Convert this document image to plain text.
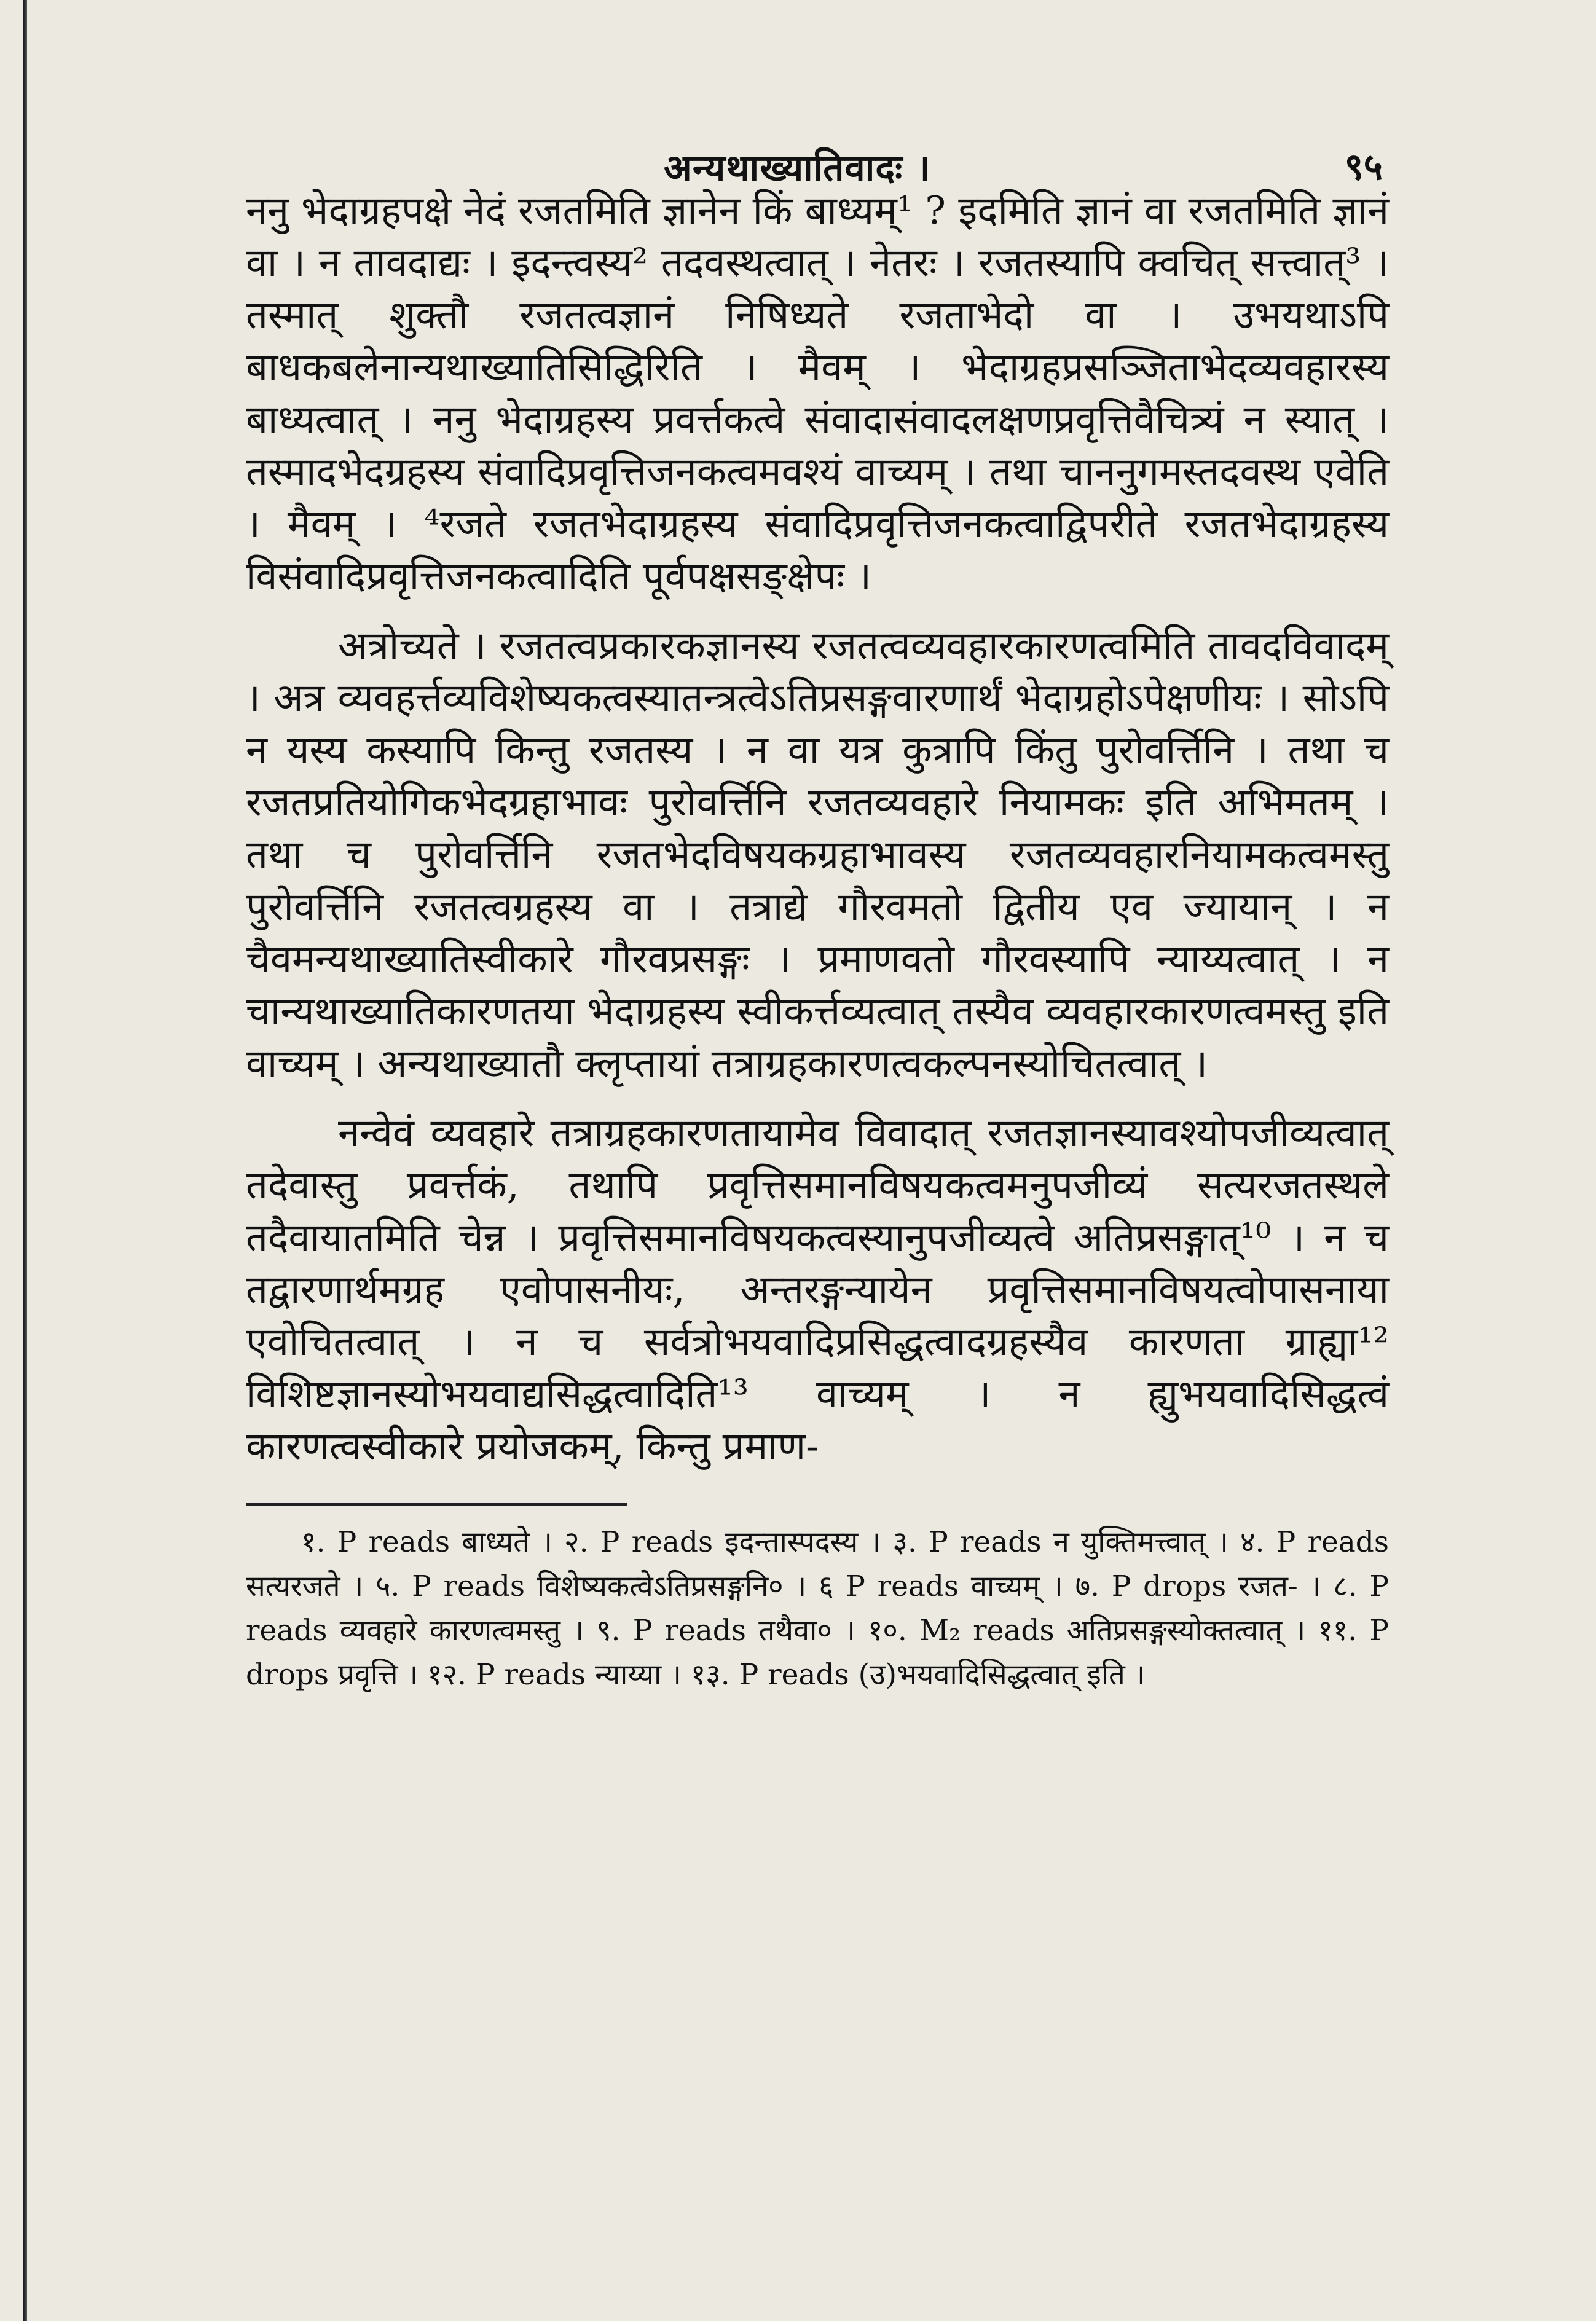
अन्यथाख्यातिवादः ।	९५

ननु भेदाग्रहपक्षे नेदं रजतमिति ज्ञानेन किं बाध्यम्¹ ? इदमिति ज्ञानं वा रजतमिति ज्ञानं वा । न तावदाद्यः । इदन्त्वस्य² तदवस्थत्वात् । नेतरः । रजतस्यापि क्वचित् सत्त्वात्³ । तस्मात् शुक्तौ रजतत्वज्ञानं निषिध्यते रजताभेदो वा । उभयथाऽपि बाधकबलेनान्यथाख्यातिसिद्धिरिति । मैवम् । भेदाग्रहप्रसञ्जिताभेदव्यवहारस्य बाध्यत्वात् । ननु भेदाग्रहस्य प्रवर्त्तकत्वे संवादासंवादलक्षणप्रवृत्तिवैचित्र्यं न स्यात् । तस्मादभेदग्रहस्य संवादिप्रवृत्तिजनकत्वमवश्यं वाच्यम् । तथा चाननुगमस्तदवस्थ एवेति । मैवम् । ⁴रजते रजतभेदाग्रहस्य संवादिप्रवृत्तिजनकत्वाद्विपरीते रजतभेदाग्रहस्य विसंवादिप्रवृत्तिजनकत्वादिति पूर्वपक्षसङ्क्षेपः ।

अत्रोच्यते । रजतत्वप्रकारकज्ञानस्य रजतत्वव्यवहारकारणत्वमिति तावदविवादम् । अत्र व्यवहर्त्तव्यविशेष्यकत्वस्यातन्त्रत्वेऽतिप्रसङ्गवारणार्थं भेदाग्रहोऽपेक्षणीयः । सोऽपि न यस्य कस्यापि किन्तु रजतस्य । न वा यत्र कुत्रापि किंतु पुरोवर्त्तिनि । तथा च रजतप्रतियोगिकभेदग्रहाभावः पुरोवर्त्तिनि रजतव्यवहारे नियामकः इति अभिमतम् । तथा च पुरोवर्त्तिनि रजतभेदविषयकग्रहाभावस्य रजतव्यवहारनियामकत्वमस्तु पुरोवर्त्तिनि रजतत्वग्रहस्य वा । तत्राद्ये गौरवमतो द्वितीय एव ज्यायान् । न चैवमन्यथाख्यातिस्वीकारे गौरवप्रसङ्गः । प्रमाणवतो गौरवस्यापि न्याय्यत्वात् । न चान्यथाख्यातिकारणतया भेदाग्रहस्य स्वीकर्त्तव्यत्वात् तस्यैव व्यवहारकारणत्वमस्तु इति वाच्यम् । अन्यथाख्यातौ क्लृप्तायां तत्राग्रहकारणत्वकल्पनस्योचितत्वात् ।

नन्वेवं व्यवहारे तत्राग्रहकारणतायामेव विवादात् रजतज्ञानस्यावश्योपजीव्यत्वात् तदेवास्तु प्रवर्त्तकं, तथापि प्रवृत्तिसमानविषयकत्वमनुपजीव्यं सत्यरजतस्थले तदैवायातमिति चेन्न । प्रवृत्तिसमानविषयकत्वस्यानुपजीव्यत्वे अतिप्रसङ्गात्¹⁰ । न च तद्वारणार्थमग्रह एवोपासनीयः, अन्तरङ्गन्यायेन प्रवृत्तिसमानविषयत्वोपासनाया एवोचितत्वात् । न च सर्वत्रोभयवादिप्रसिद्धत्वादग्रहस्यैव कारणता ग्राह्या¹² विशिष्टज्ञानस्योभयवाद्यसिद्धत्वादिति¹³ वाच्यम् । न ह्युभयवादिसिद्धत्वं कारणत्वस्वीकारे प्रयोजकम्, किन्तु प्रमाण-

१. P reads बाध्यते । २. P reads इदन्तास्पदस्य । ३. P reads न युक्तिमत्त्वात् । ४. P reads सत्यरजते । ५. P reads विशेष्यकत्वेऽतिप्रसङ्गनि० । ६ P reads वाच्यम् । ७. P drops रजत- । ८. P reads व्यवहारे कारणत्वमस्तु । ९. P reads तथैवा० । १०. M₂ reads अतिप्रसङ्गस्योक्तत्वात् । ११. P drops प्रवृत्ति । १२. P reads न्याय्या । १३. P reads (उ)भयवादिसिद्धत्वात् इति ।
